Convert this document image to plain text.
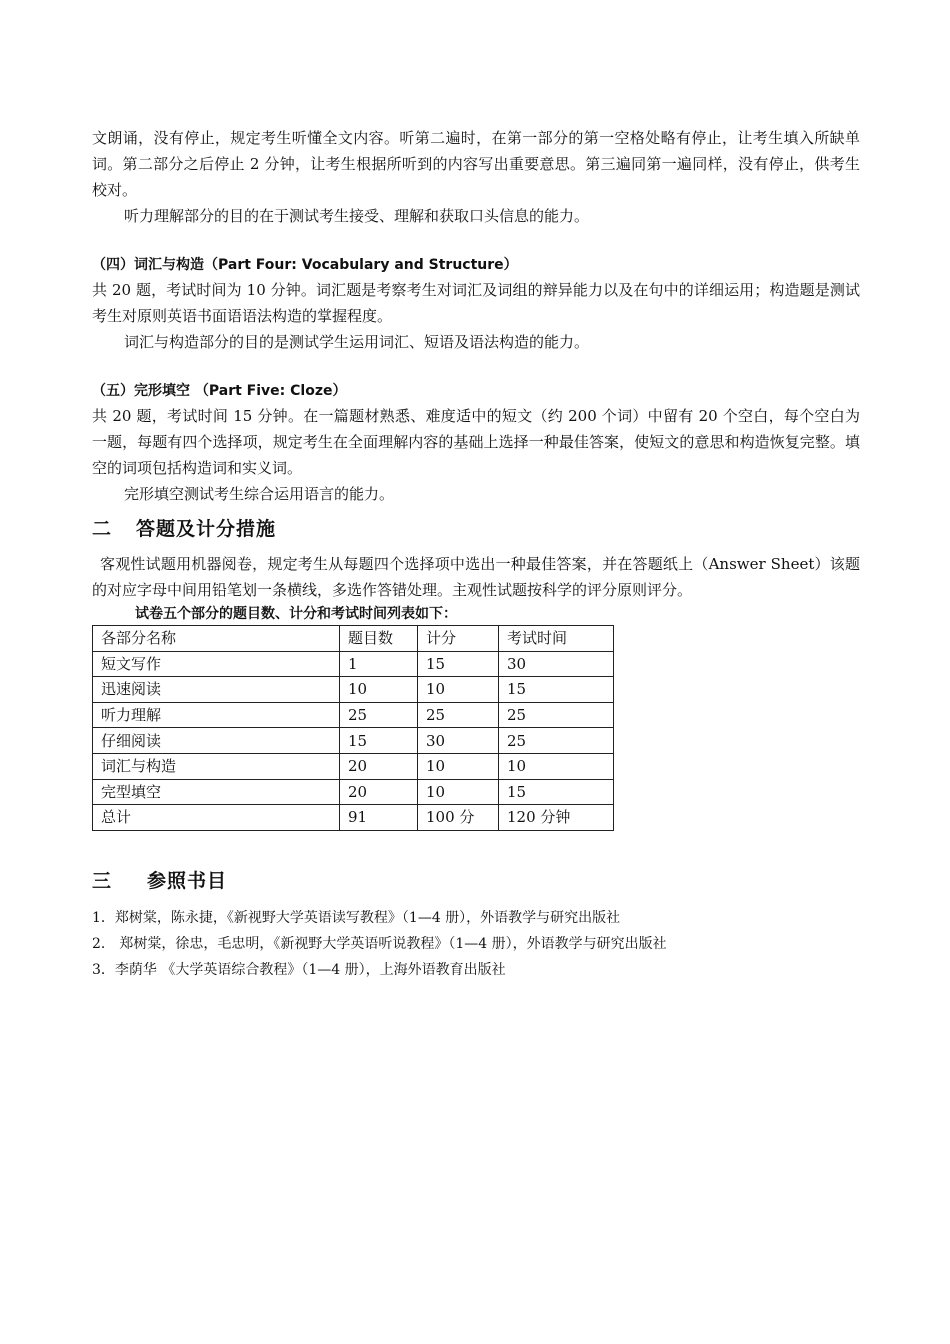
文朗诵，没有停止，规定考生听懂全文内容。听第二遍时，在第一部分的第一空格处略有停止，让考生填入所缺单词。第二部分之后停止 2 分钟，让考生根据所听到的内容写出重要意思。第三遍同第一遍同样，没有停止，供考生校对。

听力理解部分的目的在于测试考生接受、理解和获取口头信息的能力。

（四）词汇与构造（Part Four: Vocabulary and Structure）

共 20 题，考试时间为 10 分钟。词汇题是考察考生对词汇及词组的辩异能力以及在句中的详细运用；构造题是测试考生对原则英语书面语语法构造的掌握程度。

词汇与构造部分的目的是测试学生运用词汇、短语及语法构造的能力。

（五）完形填空 （Part Five: Cloze）

共 20 题，考试时间 15 分钟。在一篇题材熟悉、难度适中的短文（约 200 个词）中留有 20 个空白，每个空白为一题，每题有四个选择项，规定考生在全面理解内容的基础上选择一种最佳答案，使短文的意思和构造恢复完整。填空的词项包括构造词和实义词。

完形填空测试考生综合运用语言的能力。

二 答题及计分措施

客观性试题用机器阅卷，规定考生从每题四个选择项中选出一种最佳答案，并在答题纸上（Answer Sheet）该题的对应字母中间用铅笔划一条横线，多选作答错处理。主观性试题按科学的评分原则评分。

试卷五个部分的题目数、计分和考试时间列表如下：

各部分名称	题目数	计分	考试时间
短文写作	1	15	30
迅速阅读	10	10	15
听力理解	25	25	25
仔细阅读	15	30	25
词汇与构造	20	10	10
完型填空	20	10	15
总计	91	100 分	120 分钟

三 参照书目

1．郑树棠，陈永捷，《新视野大学英语读写教程》（1—4 册），外语教学与研究出版社

2． 郑树棠，徐忠，毛忠明，《新视野大学英语听说教程》（1—4 册），外语教学与研究出版社

3．李荫华 《大学英语综合教程》（1—4 册），上海外语教育出版社
